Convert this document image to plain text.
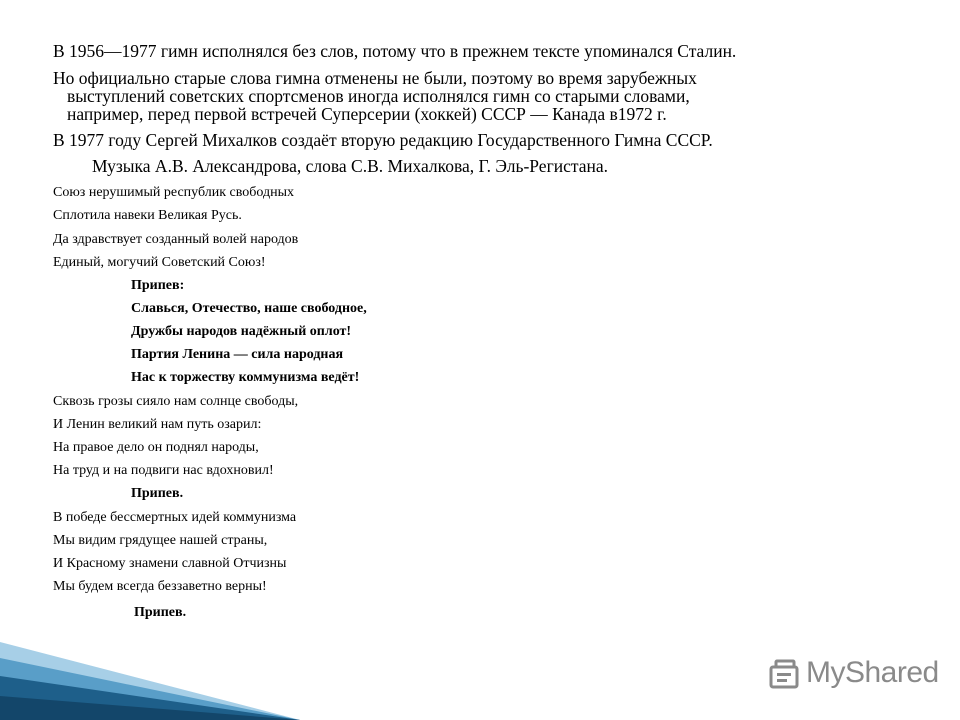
В 1956—1977 гимн исполнялся без слов, потому что в прежнем тексте упоминался Сталин.
Но официально старые слова гимна отменены не были, поэтому во время зарубежных
выступлений советских спортсменов иногда исполнялся гимн со старыми словами,
например, перед первой встречей Суперсерии (хоккей) СССР — Канада в1972 г.
В 1977 году Сергей Михалков создаёт вторую редакцию Государственного Гимна СССР.
Музыка А.В. Александрова, слова С.В. Михалкова, Г. Эль-Регистана.
Союз нерушимый республик свободных
Сплотила навеки Великая Русь.
Да здравствует созданный волей народов
Единый, могучий Советский Союз!
Припев:
Славься, Отечество, наше свободное,
Дружбы народов надёжный оплот!
Партия Ленина — сила народная
Нас к торжеству коммунизма ведёт!
Сквозь грозы сияло нам солнце свободы,
И Ленин великий нам путь озарил:
На правое дело он поднял народы,
На труд и на подвиги нас вдохновил!
Припев.
В победе бессмертных идей коммунизма
Мы видим грядущее нашей страны,
И Красному знамени славной Отчизны
Мы будем всегда беззаветно верны!
Припев.
MyShared
